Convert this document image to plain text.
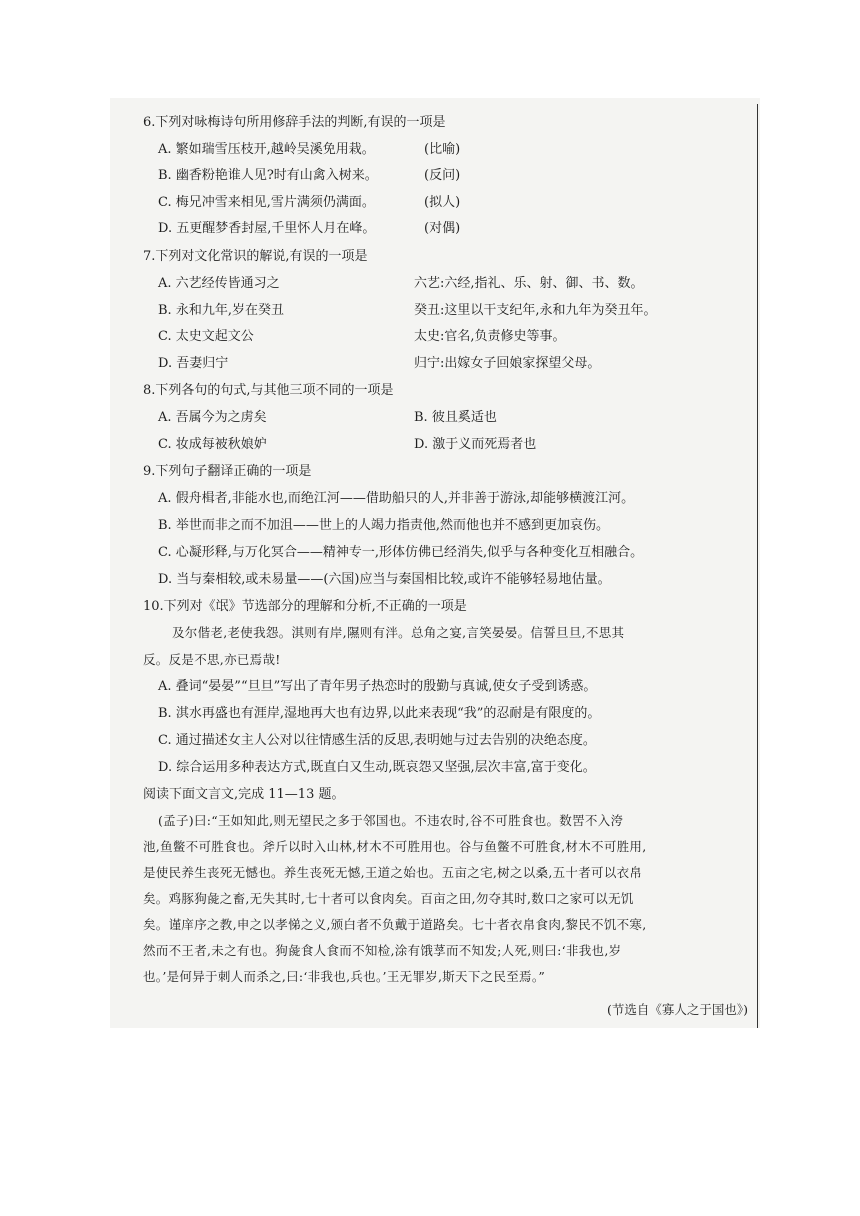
6.下列对咏梅诗句所用修辞手法的判断,有误的一项是
A. 繁如瑞雪压枝开,越岭吴溪免用栽。	(比喻)
B. 幽香粉艳谁人见?时有山禽入树来。	(反问)
C. 梅兄冲雪来相见,雪片满须仍满面。	(拟人)
D. 五更醒梦香封屋,千里怀人月在峰。	(对偶)
7.下列对文化常识的解说,有误的一项是
A. 六艺经传皆通习之	六艺:六经,指礼、乐、射、御、书、数。
B. 永和九年,岁在癸丑	癸丑:这里以干支纪年,永和九年为癸丑年。
C. 太史文起文公	太史:官名,负责修史等事。
D. 吾妻归宁	归宁:出嫁女子回娘家探望父母。
8.下列各句的句式,与其他三项不同的一项是
A. 吾属今为之虏矣	B. 彼且奚适也
C. 妆成每被秋娘妒	D. 激于义而死焉者也
9.下列句子翻译正确的一项是
A. 假舟楫者,非能水也,而绝江河——借助船只的人,并非善于游泳,却能够横渡江河。
B. 举世而非之而不加沮——世上的人竭力指责他,然而他也并不感到更加哀伤。
C. 心凝形释,与万化冥合——精神专一,形体仿佛已经消失,似乎与各种变化互相融合。
D. 当与秦相较,或未易量——(六国)应当与秦国相比较,或许不能够轻易地估量。
10.下列对《氓》节选部分的理解和分析,不正确的一项是
及尔偕老,老使我怨。淇则有岸,隰则有泮。总角之宴,言笑晏晏。信誓旦旦,不思其
反。反是不思,亦已焉哉!
A. 叠词“晏晏”“旦旦”写出了青年男子热恋时的殷勤与真诚,使女子受到诱惑。
B. 淇水再盛也有涯岸,湿地再大也有边界,以此来表现“我”的忍耐是有限度的。
C. 通过描述女主人公对以往情感生活的反思,表明她与过去告别的决绝态度。
D. 综合运用多种表达方式,既直白又生动,既哀怨又坚强,层次丰富,富于变化。
阅读下面文言文,完成 11—13 题。
(孟子)曰:“王如知此,则无望民之多于邻国也。不违农时,谷不可胜食也。数罟不入洿
池,鱼鳖不可胜食也。斧斤以时入山林,材木不可胜用也。谷与鱼鳖不可胜食,材木不可胜用,
是使民养生丧死无憾也。养生丧死无憾,王道之始也。五亩之宅,树之以桑,五十者可以衣帛
矣。鸡豚狗彘之畜,无失其时,七十者可以食肉矣。百亩之田,勿夺其时,数口之家可以无饥
矣。谨庠序之教,申之以孝悌之义,颁白者不负戴于道路矣。七十者衣帛食肉,黎民不饥不寒,
然而不王者,未之有也。狗彘食人食而不知检,涂有饿莩而不知发;人死,则曰:‘非我也,岁
也。’是何异于刺人而杀之,曰:‘非我也,兵也。’王无罪岁,斯天下之民至焉。”
(节选自《寡人之于国也》)
